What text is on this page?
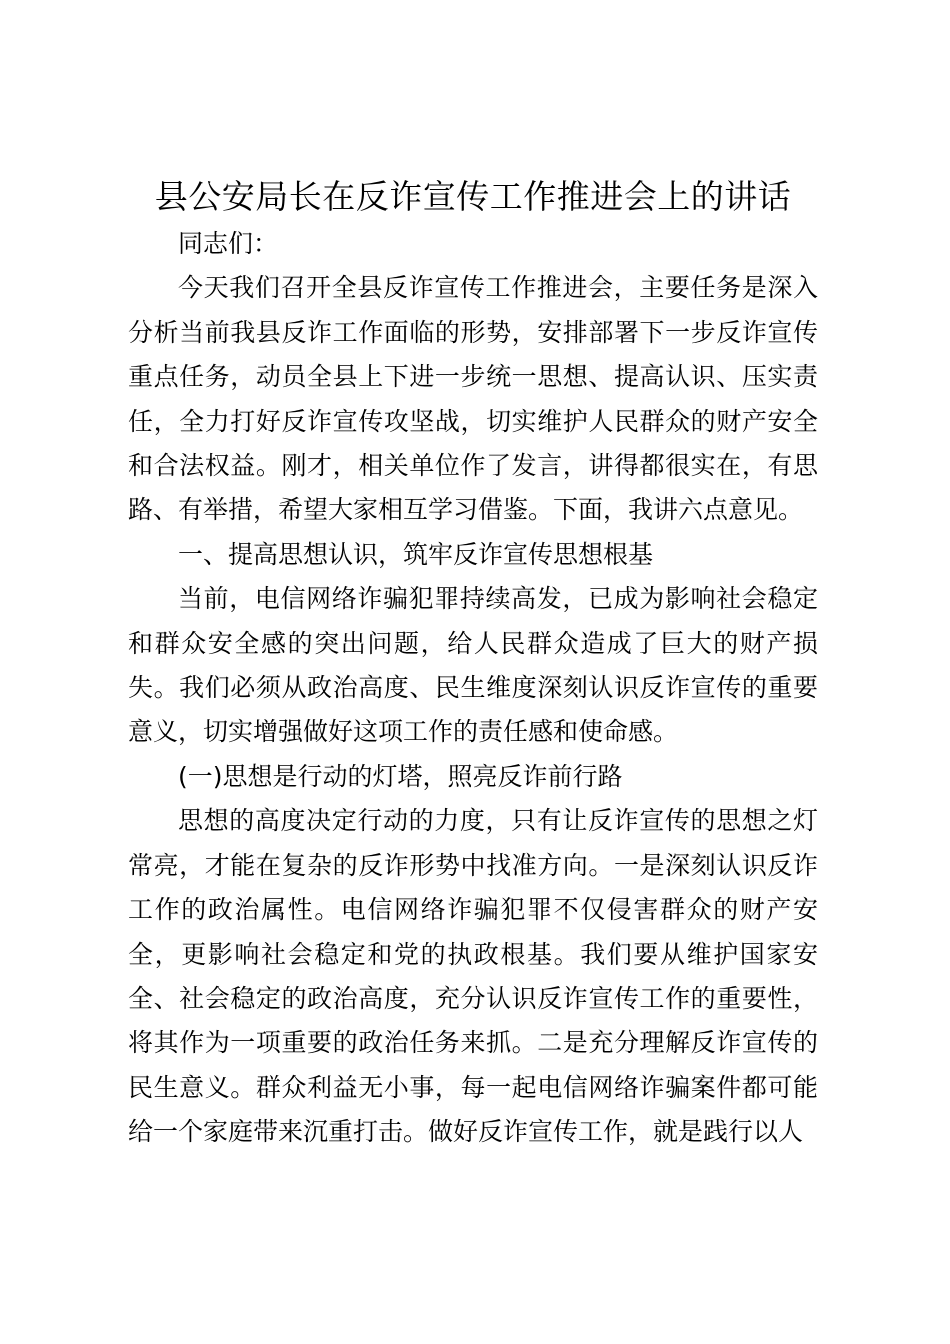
县公安局长在反诈宣传工作推进会上的讲话

同志们：

今天我们召开全县反诈宣传工作推进会，主要任务是深入分析当前我县反诈工作面临的形势，安排部署下一步反诈宣传重点任务，动员全县上下进一步统一思想、提高认识、压实责任，全力打好反诈宣传攻坚战，切实维护人民群众的财产安全和合法权益。刚才，相关单位作了发言，讲得都很实在，有思路、有举措，希望大家相互学习借鉴。下面，我讲六点意见。

一、提高思想认识，筑牢反诈宣传思想根基

当前，电信网络诈骗犯罪持续高发，已成为影响社会稳定和群众安全感的突出问题，给人民群众造成了巨大的财产损失。我们必须从政治高度、民生维度深刻认识反诈宣传的重要意义，切实增强做好这项工作的责任感和使命感。

(一)思想是行动的灯塔，照亮反诈前行路

思想的高度决定行动的力度，只有让反诈宣传的思想之灯常亮，才能在复杂的反诈形势中找准方向。一是深刻认识反诈工作的政治属性。电信网络诈骗犯罪不仅侵害群众的财产安全，更影响社会稳定和党的执政根基。我们要从维护国家安全、社会稳定的政治高度，充分认识反诈宣传工作的重要性，将其作为一项重要的政治任务来抓。二是充分理解反诈宣传的民生意义。群众利益无小事，每一起电信网络诈骗案件都可能给一个家庭带来沉重打击。做好反诈宣传工作，就是践行以人
